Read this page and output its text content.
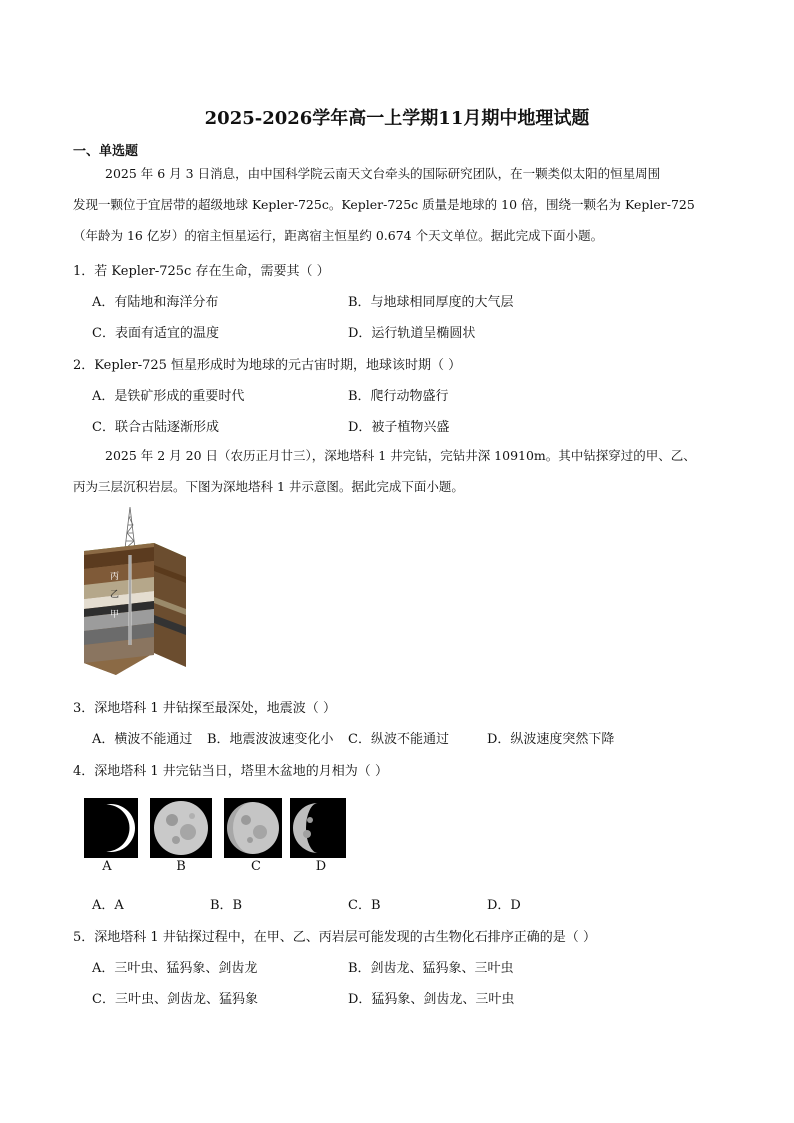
2025-2026学年高一上学期11月期中地理试题
一、单选题
2025 年 6 月 3 日消息，由中国科学院云南天文台牵头的国际研究团队，在一颗类似太阳的恒星周围
发现一颗位于宜居带的超级地球 Kepler-725c。Kepler-725c 质量是地球的 10 倍，围绕一颗名为 Kepler-725
（年龄为 16 亿岁）的宿主恒星运行，距离宿主恒星约 0.674 个天文单位。据此完成下面小题。
1．若 Kepler-725c 存在生命，需要其（ ）
A．有陆地和海洋分布	B．与地球相同厚度的大气层
C．表面有适宜的温度	D．运行轨道呈椭圆状
2．Kepler-725 恒星形成时为地球的元古宙时期，地球该时期（ ）
A．是铁矿形成的重要时代	B．爬行动物盛行
C．联合古陆逐渐形成	D．被子植物兴盛
2025 年 2 月 20 日（农历正月廿三），深地塔科 1 井完钻，完钻井深 10910m。其中钻探穿过的甲、乙、
丙为三层沉积岩层。下图为深地塔科 1 井示意图。据此完成下面小题。
丙
乙
甲
3．深地塔科 1 井钻探至最深处，地震波（ ）
A．横波不能通过 B．地震波波速变化小 C．纵波不能通过	D．纵波速度突然下降
4．深地塔科 1 井完钻当日，塔里木盆地的月相为（ ）
A	B	C	D
A．A	B．B	C．B	D．D
5．深地塔科 1 井钻探过程中，在甲、乙、丙岩层可能发现的古生物化石排序正确的是（ ）
A．三叶虫、猛犸象、剑齿龙	B．剑齿龙、猛犸象、三叶虫
C．三叶虫、剑齿龙、猛犸象	D．猛犸象、剑齿龙、三叶虫
